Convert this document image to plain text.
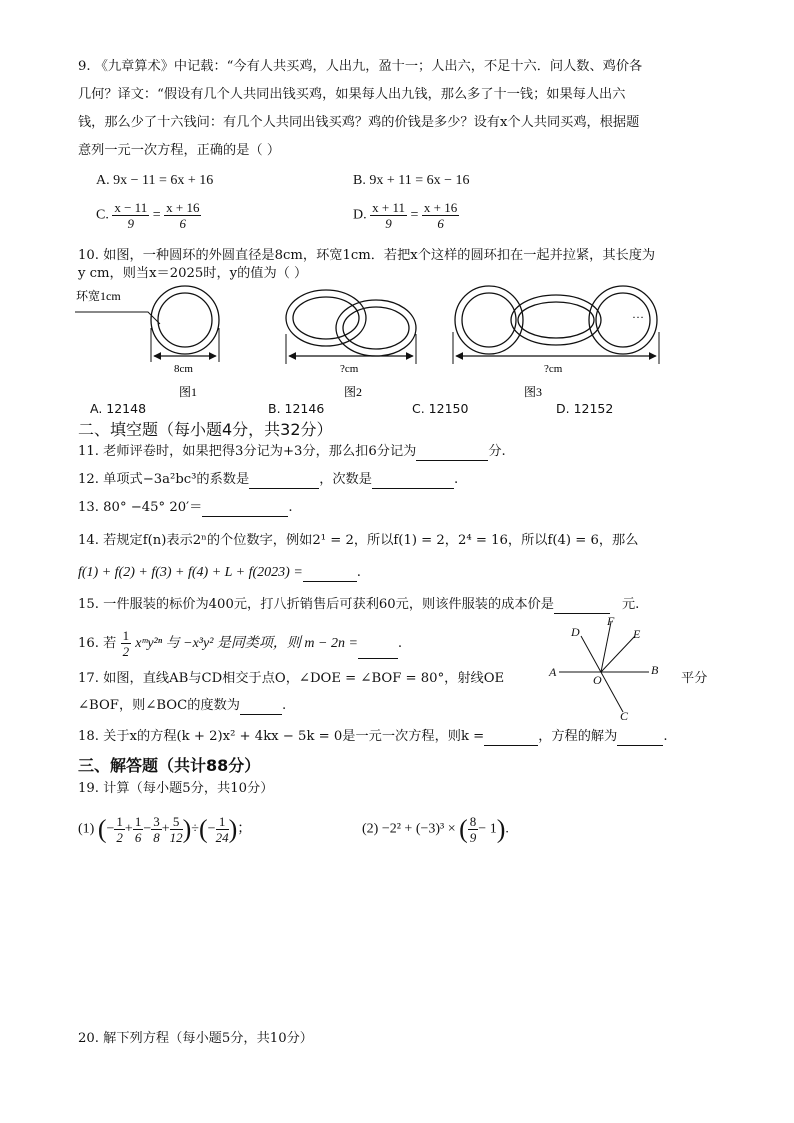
9. 《九章算术》中记载：“今有人共买鸡，人出九，盈十一；人出六，不足十六．问人数、鸡价各
几何？译文：“假设有几个人共同出钱买鸡，如果每人出九钱，那么多了十一钱；如果每人出六
钱，那么少了十六钱问：有几个人共同出钱买鸡？鸡的价钱是多少？设有x个人共同买鸡，根据题
意列一元一次方程，正确的是（ ）
A. 9x − 11 = 6x + 16	B. 9x + 11 = 6x − 16
C. $\frac{x - 11}{9} = \frac{x + 16}{6}$	D. $\frac{x + 11}{9} = \frac{x + 16}{6}$
10. 如图，一种圆环的外圆直径是8cm，环宽1cm．若把x个这样的圆环扣在一起并拉紧，其长度为
y cm，则当x＝2025时，y的值为（ ）
环宽1cm
8cm	?cm	?cm
…
图1	图2	图3
A. 12148	B. 12146	C. 12150	D. 12152
二、填空题（每小题4分，共32分）
11. 老师评卷时，如果把得3分记为+3分，那么扣6分记为	分.
12. 单项式−3a²bc³的系数是	，次数是	.
13. 80° −45° 20′＝	.
14. 若规定f(n)表示2ⁿ的个位数字，例如2¹ = 2，所以f(1) = 2，2⁴ = 16，所以f(4) = 6，那么
f(1) + f(2) + f(3) + f(4) + L + f(2023) =	.
15. 一件服装的标价为400元，打八折销售后可获利60元，则该件服装的成本价是	元.
16. 若 $\frac{1}{2}$ xᵐy²ⁿ 与 −x³y² 是同类项，则 m − 2n =	.
A	B
C
D	E
F
O
17. 如图，直线AB与CD相交于点O，∠DOE = ∠BOF = 80°，射线OE	平分
∠BOF，则∠BOC的度数为	.
18. 关于x的方程(k + 2)x² + 4kx − 5k = 0是一元一次方程，则k =	，方程的解为	.
三、解答题（共计88分）
19. 计算（每小题5分，共10分）
(1) (− $\frac{1}{2} + \frac{1}{6} - \frac{3}{8} + \frac{5}{12}$ )÷(− $\frac{1}{24}$ )；	(2) −2² + (−3)³ × ( $\frac{8}{9} - 1$).
20. 解下列方程（每小题5分，共10分）
